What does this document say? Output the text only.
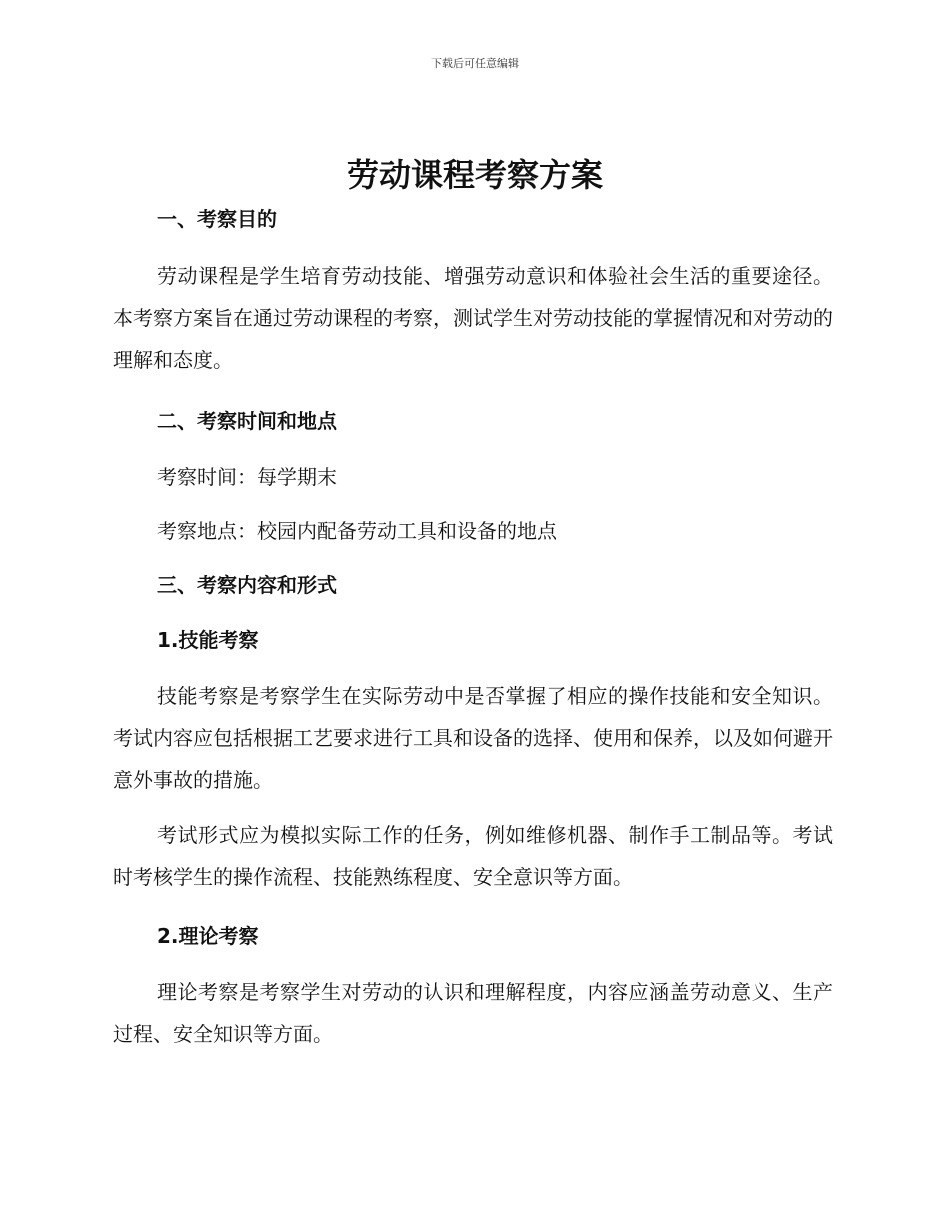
下载后可任意编辑
劳动课程考察方案
一、考察目的

劳动课程是学生培育劳动技能、增强劳动意识和体验社会生活的重要途径。本考察方案旨在通过劳动课程的考察，测试学生对劳动技能的掌握情况和对劳动的理解和态度。

二、考察时间和地点
考察时间：每学期末
考察地点：校园内配备劳动工具和设备的地点
三、考察内容和形式
1.技能考察

技能考察是考察学生在实际劳动中是否掌握了相应的操作技能和安全知识。考试内容应包括根据工艺要求进行工具和设备的选择、使用和保养，以及如何避开意外事故的措施。

考试形式应为模拟实际工作的任务，例如维修机器、制作手工制品等。考试时考核学生的操作流程、技能熟练程度、安全意识等方面。

2.理论考察

理论考察是考察学生对劳动的认识和理解程度，内容应涵盖劳动意义、生产过程、安全知识等方面。
